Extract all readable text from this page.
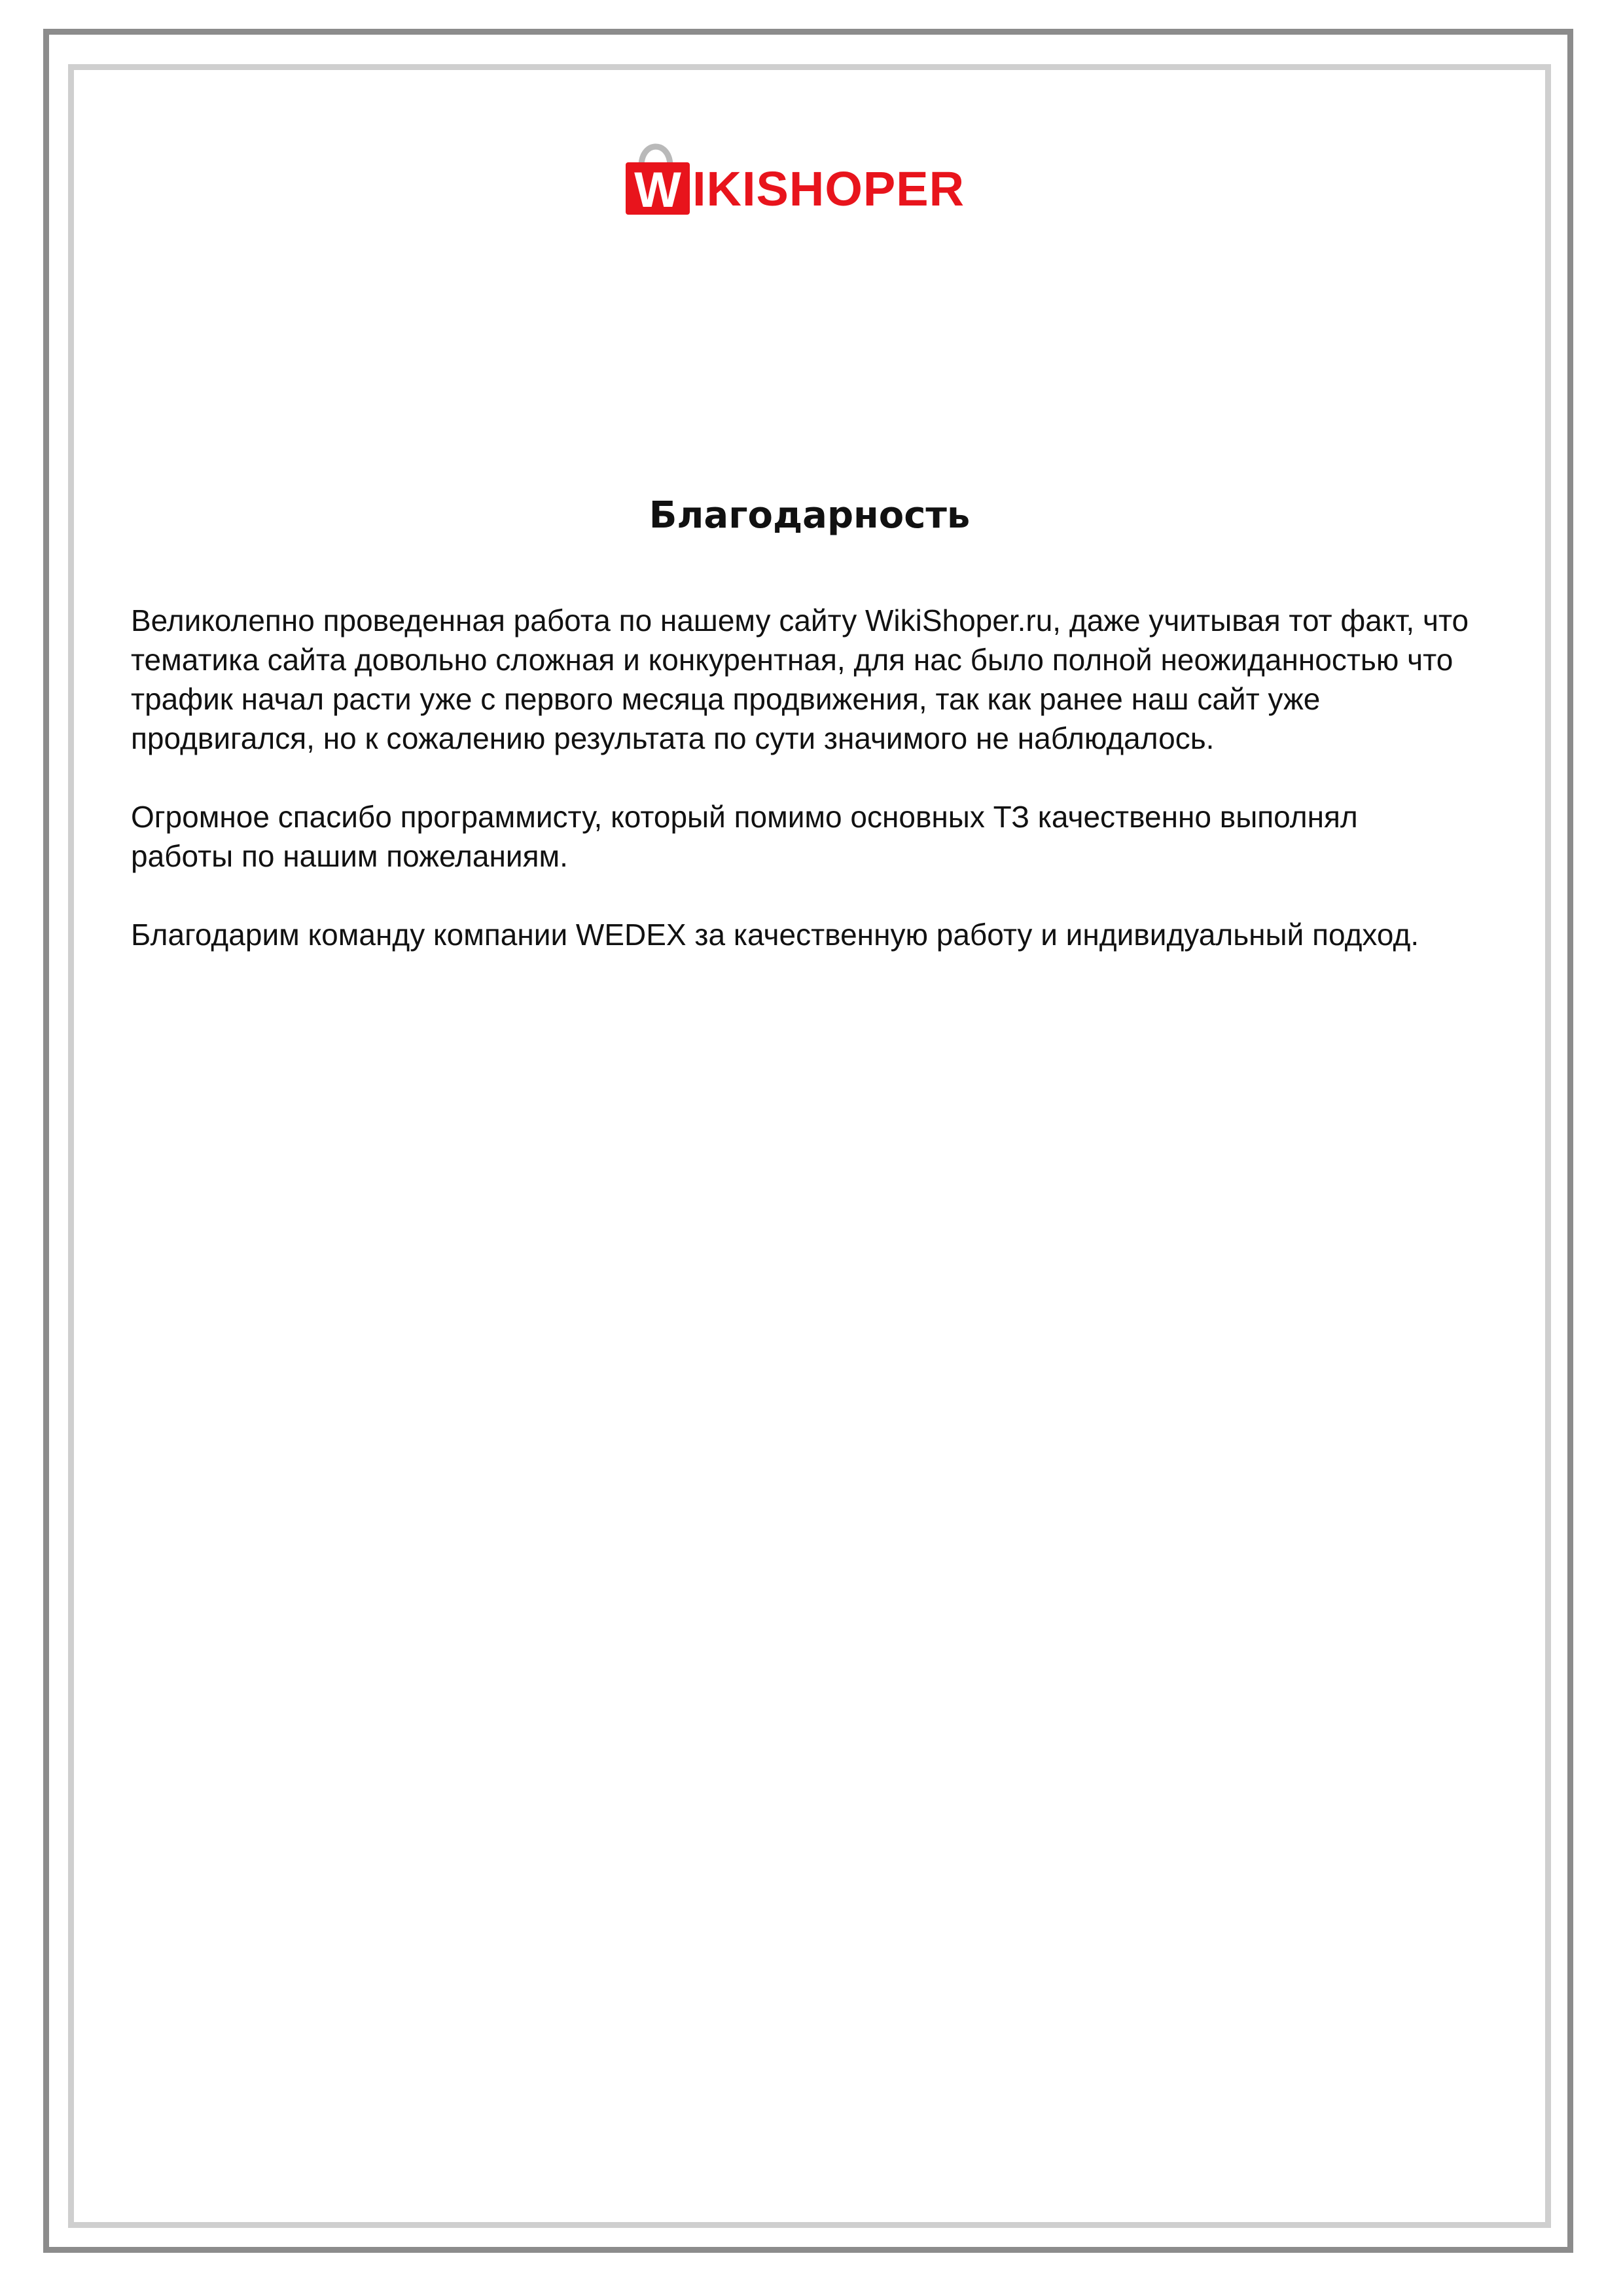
W IKISHOPER
Благодарность

Великолепно проведенная работа по нашему сайту WikiShoper.ru, даже учитывая тот факт, что
тематика сайта довольно сложная и конкурентная, для нас было полной неожиданностью что
трафик начал расти уже с первого месяца продвижения, так как ранее наш сайт уже
продвигался, но к сожалению результата по сути значимого не наблюдалось.

Огромное спасибо программисту, который помимо основных ТЗ качественно выполнял
работы по нашим пожеланиям.

Благодарим команду компании WEDEX за качественную работу и индивидуальный подход.
